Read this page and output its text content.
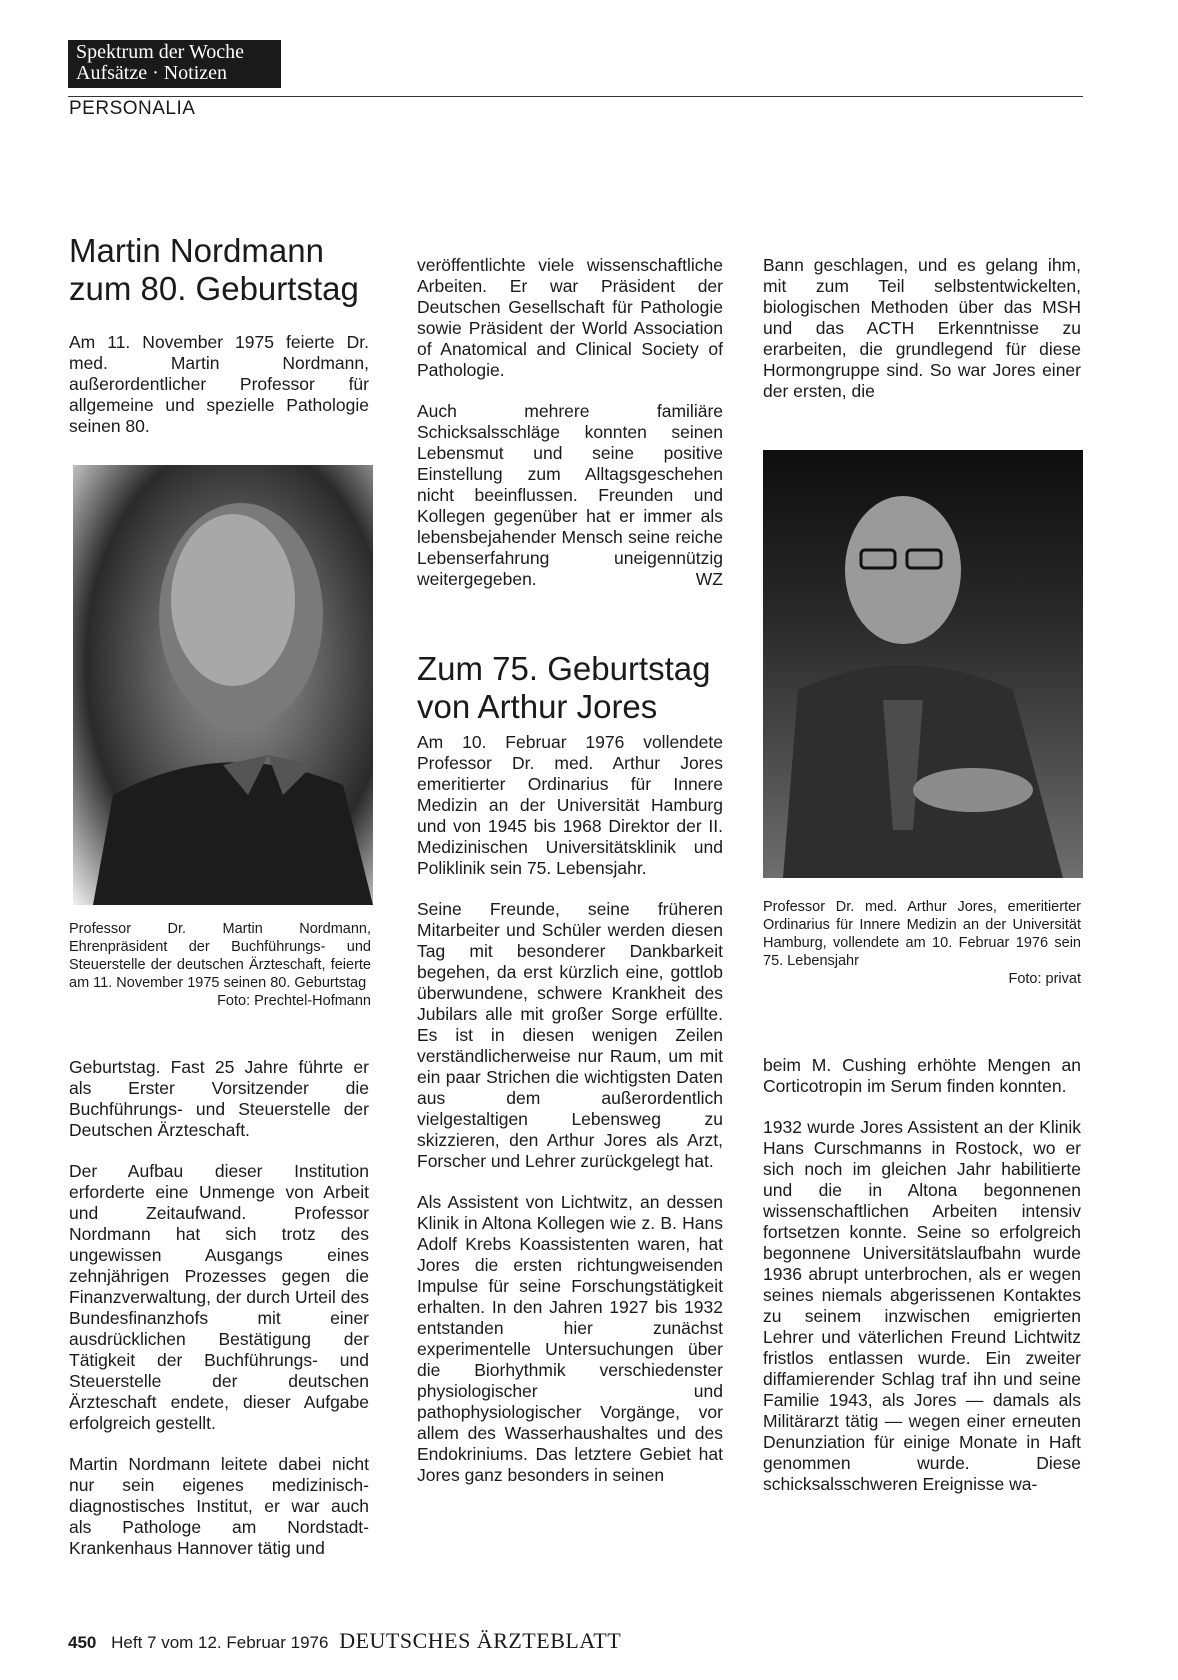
Spektrum der Woche
Aufsätze · Notizen
PERSONALIA
Martin Nordmann
zum 80. Geburtstag

Am 11. November 1975 feierte Dr. med. Martin Nordmann, außerordentlicher Professor für allgemeine und spezielle Pathologie seinen 80.

Professor Dr. Martin Nordmann, Ehrenpräsident der Buchführungs- und Steuerstelle der deutschen Ärzteschaft, feierte am 11. November 1975 seinen 80. Geburtstag
Foto: Prechtel-Hofmann

Geburtstag. Fast 25 Jahre führte er als Erster Vorsitzender die Buchführungs- und Steuerstelle der Deutschen Ärzteschaft.

Der Aufbau dieser Institution erforderte eine Unmenge von Arbeit und Zeitaufwand. Professor Nordmann hat sich trotz des ungewissen Ausgangs eines zehnjährigen Prozesses gegen die Finanzverwaltung, der durch Urteil des Bundesfinanzhofs mit einer ausdrücklichen Bestätigung der Tätigkeit der Buchführungs- und Steuerstelle der deutschen Ärzteschaft endete, dieser Aufgabe erfolgreich gestellt.

Martin Nordmann leitete dabei nicht nur sein eigenes medizinisch-diagnostisches Institut, er war auch als Pathologe am Nordstadt-Krankenhaus Hannover tätig und

veröffentlichte viele wissenschaftliche Arbeiten. Er war Präsident der Deutschen Gesellschaft für Pathologie sowie Präsident der World Association of Anatomical and Clinical Society of Pathologie.

Auch mehrere familiäre Schicksalsschläge konnten seinen Lebensmut und seine positive Einstellung zum Alltagsgeschehen nicht beeinflussen. Freunden und Kollegen gegenüber hat er immer als lebensbejahender Mensch seine reiche Lebenserfahrung uneigennützig weitergegeben.	WZ
Zum 75. Geburtstag
von Arthur Jores

Am 10. Februar 1976 vollendete Professor Dr. med. Arthur Jores emeritierter Ordinarius für Innere Medizin an der Universität Hamburg und von 1945 bis 1968 Direktor der II. Medizinischen Universitätsklinik und Poliklinik sein 75. Lebensjahr.

Seine Freunde, seine früheren Mitarbeiter und Schüler werden diesen Tag mit besonderer Dankbarkeit begehen, da erst kürzlich eine, gottlob überwundene, schwere Krankheit des Jubilars alle mit großer Sorge erfüllte. Es ist in diesen wenigen Zeilen verständlicherweise nur Raum, um mit ein paar Strichen die wichtigsten Daten aus dem außerordentlich vielgestaltigen Lebensweg zu skizzieren, den Arthur Jores als Arzt, Forscher und Lehrer zurückgelegt hat.

Als Assistent von Lichtwitz, an dessen Klinik in Altona Kollegen wie z. B. Hans Adolf Krebs Koassistenten waren, hat Jores die ersten richtungweisenden Impulse für seine Forschungstätigkeit erhalten. In den Jahren 1927 bis 1932 entstanden hier zunächst experimentelle Untersuchungen über die Biorhythmik verschiedenster physiologischer und pathophysiologischer Vorgänge, vor allem des Wasserhaushaltes und des Endokriniums. Das letztere Gebiet hat Jores ganz besonders in seinen

Bann geschlagen, und es gelang ihm, mit zum Teil selbstentwickelten, biologischen Methoden über das MSH und das ACTH Erkenntnisse zu erarbeiten, die grundlegend für diese Hormongruppe sind. So war Jores einer der ersten, die

Professor Dr. med. Arthur Jores, emeritierter Ordinarius für Innere Medizin an der Universität Hamburg, vollendete am 10. Februar 1976 sein 75. Lebensjahr
Foto: privat

beim M. Cushing erhöhte Mengen an Corticotropin im Serum finden konnten.

1932 wurde Jores Assistent an der Klinik Hans Curschmanns in Rostock, wo er sich noch im gleichen Jahr habilitierte und die in Altona begonnenen wissenschaftlichen Arbeiten intensiv fortsetzen konnte. Seine so erfolgreich begonnene Universitätslaufbahn wurde 1936 abrupt unterbrochen, als er wegen seines niemals abgerissenen Kontaktes zu seinem inzwischen emigrierten Lehrer und väterlichen Freund Lichtwitz fristlos entlassen wurde. Ein zweiter diffamierender Schlag traf ihn und seine Familie 1943, als Jores — damals als Militärarzt tätig — wegen einer erneuten Denunziation für einige Monate in Haft genommen wurde. Diese schicksalsschweren Ereignisse wa-

450 Heft 7 vom 12. Februar 1976 DEUTSCHES ÄRZTEBLATT
